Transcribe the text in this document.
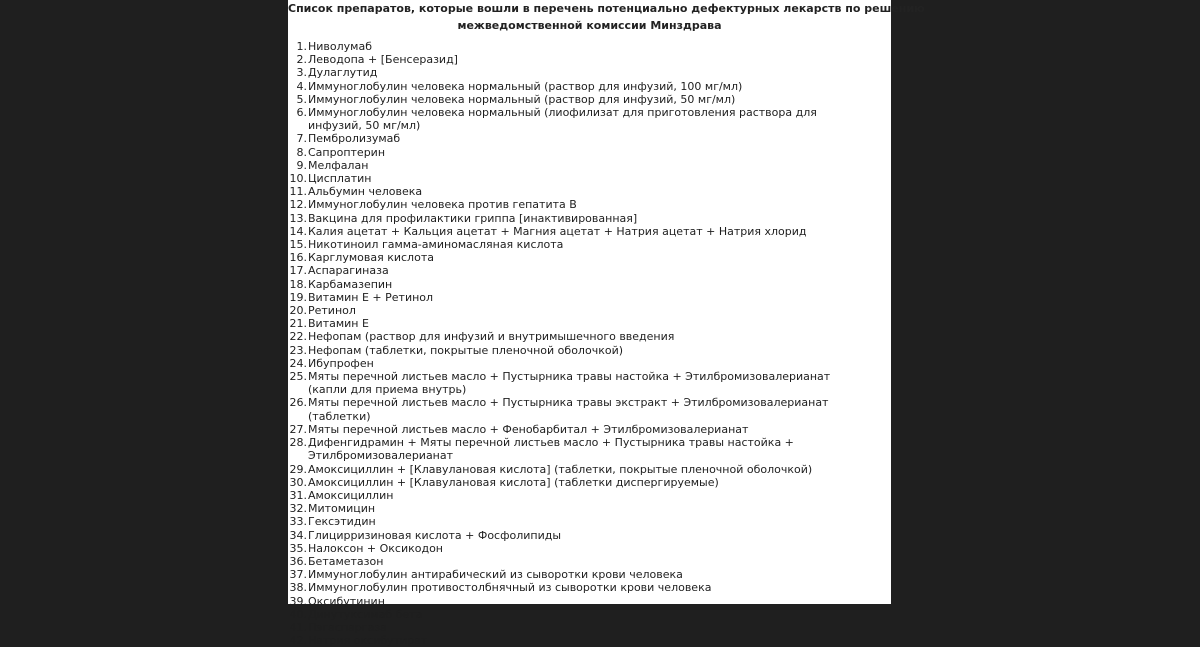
Список препаратов, которые вошли в перечень потенциально дефектурных лекарств по решению
межведомственной комиссии Минздрава
1. Ниволумаб
2. Леводопа + [Бенсеразид]
3. Дулаглутид
4. Иммуноглобулин человека нормальный (раствор для инфузий, 100 мг/мл)
5. Иммуноглобулин человека нормальный (раствор для инфузий, 50 мг/мл)
6. Иммуноглобулин человека нормальный (лиофилизат для приготовления раствора для инфузий, 50 мг/мл)
7. Пембролизумаб
8. Сапроптерин
9. Мелфалан
10. Цисплатин
11. Альбумин человека
12. Иммуноглобулин человека против гепатита В
13. Вакцина для профилактики гриппа [инактивированная]
14. Калия ацетат + Кальция ацетат + Магния ацетат + Натрия ацетат + Натрия хлорид
15. Никотиноил гамма-аминомасляная кислота
16. Карглумовая кислота
17. Аспарагиназа
18. Карбамазепин
19. Витамин Е + Ретинол
20. Ретинол
21. Витамин Е
22. Нефопам (раствор для инфузий и внутримышечного введения
23. Нефопам (таблетки, покрытые пленочной оболочкой)
24. Ибупрофен
25. Мяты перечной листьев масло + Пустырника травы настойка + Этилбромизовалерианат (капли для приема внутрь)
26. Мяты перечной листьев масло + Пустырника травы экстракт + Этилбромизовалерианат (таблетки)
27. Мяты перечной листьев масло + Фенобарбитал + Этилбромизовалерианат
28. Дифенгидрамин + Мяты перечной листьев масло + Пустырника травы настойка + Этилбромизовалерианат
29. Амоксициллин + [Клавулановая кислота] (таблетки, покрытые пленочной оболочкой)
30. Амоксициллин + [Клавулановая кислота] (таблетки диспергируемые)
31. Амоксициллин
32. Митомицин
33. Гексэтидин
34. Глицирризиновая кислота + Фосфолипиды
35. Налоксон + Оксикодон
36. Бетаметазон
37. Иммуноглобулин антирабический из сыворотки крови человека
38. Иммуноглобулин противостолбнячный из сыворотки крови человека
39. Оксибутинин
40. Динутуксимаб бета
41. Пэгаспаргаза
42. Натрия оксибутират
